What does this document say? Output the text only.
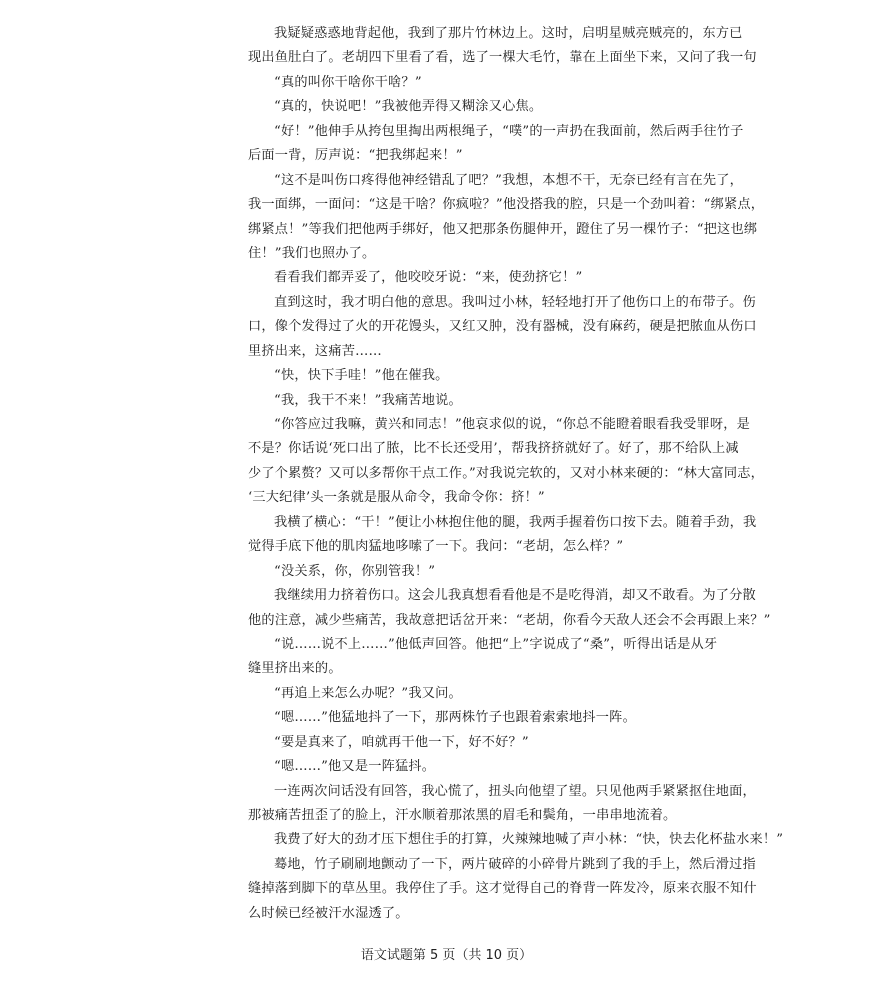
我疑疑惑惑地背起他，我到了那片竹林边上。这时，启明星贼亮贼亮的，东方已
现出鱼肚白了。老胡四下里看了看，选了一棵大毛竹，靠在上面坐下来，又问了我一句
“真的叫你干啥你干啥？”
“真的，快说吧！”我被他弄得又糊涂又心焦。
“好！”他伸手从挎包里掏出两根绳子，“噗”的一声扔在我面前，然后两手往竹子
后面一背，厉声说：“把我绑起来！”
“这不是叫伤口疼得他神经错乱了吧？”我想，本想不干，无奈已经有言在先了，
我一面绑，一面问：“这是干啥？你疯啦？”他没搭我的腔，只是一个劲叫着：“绑紧点，
绑紧点！”等我们把他两手绑好，他又把那条伤腿伸开，蹬住了另一棵竹子：“把这也绑
住！”我们也照办了。
看看我们都弄妥了，他咬咬牙说：“来，使劲挤它！”
直到这时，我才明白他的意思。我叫过小林，轻轻地打开了他伤口上的布带子。伤
口，像个发得过了火的开花馒头，又红又肿，没有器械，没有麻药，硬是把脓血从伤口
里挤出来，这痛苦……
“快，快下手哇！”他在催我。
“我，我干不来！”我痛苦地说。
“你答应过我嘛，黄兴和同志！”他哀求似的说，“你总不能瞪着眼看我受罪呀，是
不是？你话说‘死口出了脓，比不长还受用’，帮我挤挤就好了。好了，那不给队上减
少了个累赘？又可以多帮你干点工作。”对我说完软的，又对小林来硬的：“林大富同志，
‘三大纪律’头一条就是服从命令，我命令你：挤！”
我横了横心：“干！”便让小林抱住他的腿，我两手握着伤口按下去。随着手劲，我
觉得手底下他的肌肉猛地哆嗦了一下。我问：“老胡，怎么样？”
“没关系，你，你别管我！”
我继续用力挤着伤口。这会儿我真想看看他是不是吃得消，却又不敢看。为了分散
他的注意，减少些痛苦，我故意把话岔开来：“老胡，你看今天敌人还会不会再跟上来？”
“说……说不上……”他低声回答。他把“上”字说成了“桑”，听得出话是从牙
缝里挤出来的。
“再追上来怎么办呢？”我又问。
“嗯……”他猛地抖了一下，那两株竹子也跟着索索地抖一阵。
“要是真来了，咱就再干他一下，好不好？”
“嗯……”他又是一阵猛抖。
一连两次问话没有回答，我心慌了，扭头向他望了望。只见他两手紧紧抠住地面，
那被痛苦扭歪了的脸上，汗水顺着那浓黑的眉毛和鬓角，一串串地流着。
我费了好大的劲才压下想住手的打算，火辣辣地喊了声小林：“快，快去化杯盐水来！”
蓦地，竹子刷刷地颤动了一下，两片破碎的小碎骨片跳到了我的手上，然后滑过指
缝掉落到脚下的草丛里。我停住了手。这才觉得自己的脊背一阵发冷，原来衣服不知什
么时候已经被汗水湿透了。
语文试题第 5 页（共 10 页）
